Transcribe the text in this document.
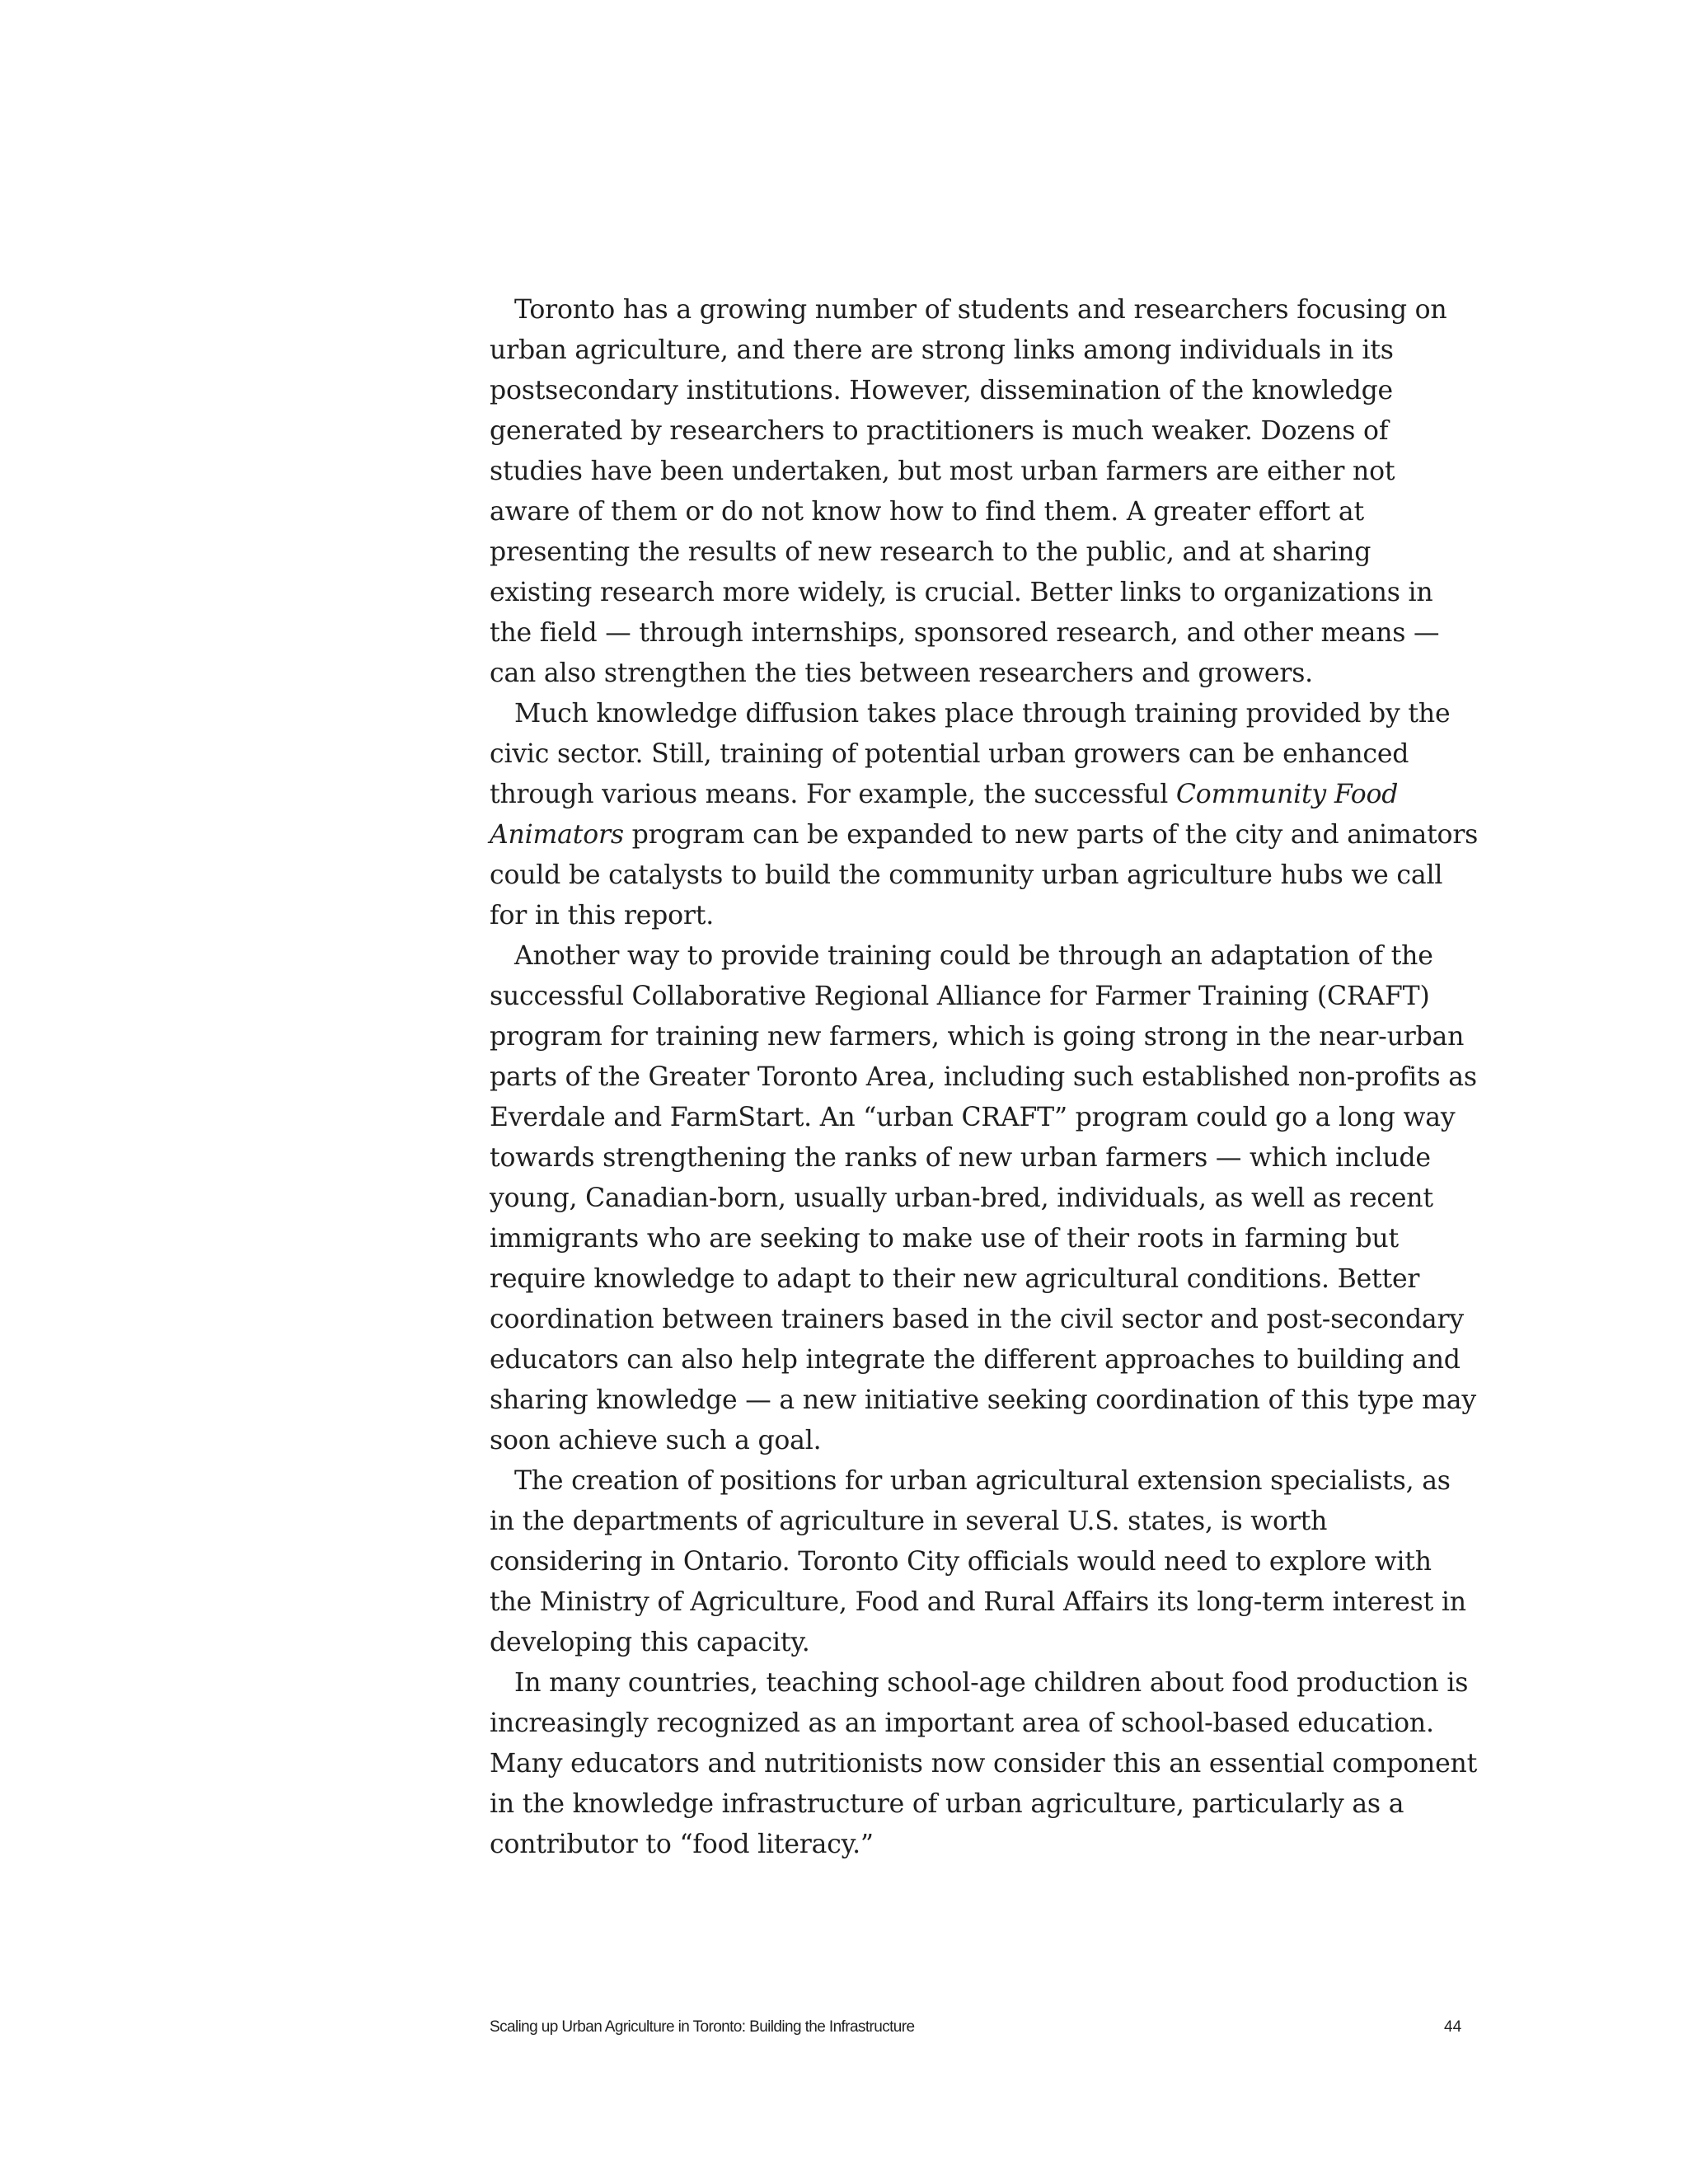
Toronto has a growing number of students and researchers focusing on urban agriculture, and there are strong links among individuals in its postsecondary institutions. However, dissemination of the knowledge generated by researchers to practitioners is much weaker. Dozens of studies have been undertaken, but most urban farmers are either not aware of them or do not know how to find them. A greater effort at presenting the results of new research to the public, and at sharing existing research more widely, is crucial. Better links to organizations in the field — through internships, sponsored research, and other means — can also strengthen the ties between researchers and growers.

Much knowledge diffusion takes place through training provided by the civic sector. Still, training of potential urban growers can be enhanced through various means. For example, the successful Community Food Animators program can be expanded to new parts of the city and animators could be catalysts to build the community urban agriculture hubs we call for in this report.

Another way to provide training could be through an adaptation of the successful Collaborative Regional Alliance for Farmer Training (CRAFT) program for training new farmers, which is going strong in the near-urban parts of the Greater Toronto Area, including such established non-profits as Everdale and FarmStart. An “urban CRAFT” program could go a long way towards strengthening the ranks of new urban farmers — which include young, Canadian-born, usually urban-bred, individuals, as well as recent immigrants who are seeking to make use of their roots in farming but require knowledge to adapt to their new agricultural conditions. Better coordination between trainers based in the civil sector and post-secondary educators can also help integrate the different approaches to building and sharing knowledge — a new initiative seeking coordination of this type may soon achieve such a goal.

The creation of positions for urban agricultural extension specialists, as in the departments of agriculture in several U.S. states, is worth considering in Ontario. Toronto City officials would need to explore with the Ministry of Agriculture, Food and Rural Affairs its long-term interest in developing this capacity.

In many countries, teaching school-age children about food production is increasingly recognized as an important area of school-based education. Many educators and nutritionists now consider this an essential component in the knowledge infrastructure of urban agriculture, particularly as a contributor to “food literacy.”

Scaling up Urban Agriculture in Toronto: Building the Infrastructure	44
